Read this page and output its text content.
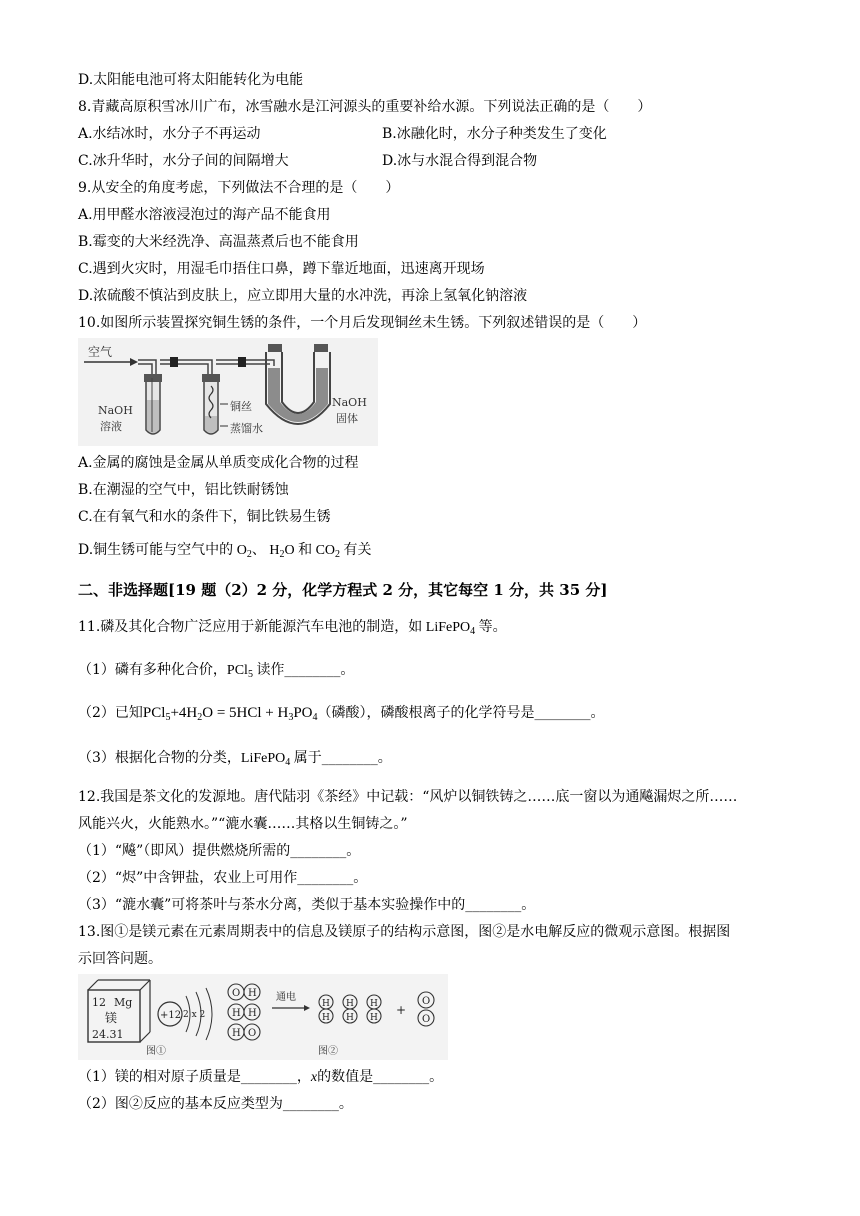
D.太阳能电池可将太阳能转化为电能
8.青藏高原积雪冰川广布，冰雪融水是江河源头的重要补给水源。下列说法正确的是（　　）
A.水结冰时，水分子不再运动	B.冰融化时，水分子种类发生了变化
C.冰升华时，水分子间的间隔增大	D.冰与水混合得到混合物
9.从安全的角度考虑，下列做法不合理的是（　　）
A.用甲醛水溶液浸泡过的海产品不能食用
B.霉变的大米经洗净、高温蒸煮后也不能食用
C.遇到火灾时，用湿毛巾捂住口鼻，蹲下靠近地面，迅速离开现场
D.浓硫酸不慎沾到皮肤上，应立即用大量的水冲洗，再涂上氢氧化钠溶液
10.如图所示装置探究铜生锈的条件，一个月后发现铜丝未生锈。下列叙述错误的是（　　）
空气
NaOH
溶液
铜丝
蒸馏水
NaOH
固体
A.金属的腐蚀是金属从单质变成化合物的过程
B.在潮湿的空气中，铝比铁耐锈蚀
C.在有氧气和水的条件下，铜比铁易生锈
D.铜生锈可能与空气中的 $O_2$、 $H_2O$ 和 $CO_2$ 有关
二、非选择题[19 题（2）2 分，化学方程式 2 分，其它每空 1 分，共 35 分]
11.磷及其化合物广泛应用于新能源汽车电池的制造，如 LiFePO$_4$ 等。
（1）磷有多种化合价，PCl$_5$ 读作________。
（2）已知$PCl_5+4H_2O = 5HCl + H_3PO_4$（磷酸），磷酸根离子的化学符号是________。
（3）根据化合物的分类，LiFePO$_4$ 属于________。
12.我国是茶文化的发源地。唐代陆羽《茶经》中记载：“风炉以铜铁铸之……底一窗以为通飚漏烬之所……
风能兴火，火能熟水。”“漉水囊……其格以生铜铸之。”
（1）“飚”（即风）提供燃烧所需的________。
（2）“烬”中含钾盐，农业上可用作________。
（3）“漉水囊”可将茶叶与茶水分离，类似于基本实验操作中的________。
13.图①是镁元素在元素周期表中的信息及镁原子的结构示意图，图②是水电解反应的微观示意图。根据图
示回答问题。
12 Mg
镁
24.31
+12 2 x 2
图①
O H
H H
H O
通电
H
H
H
H
H
H
+
O
O
图②
（1）镁的相对原子质量是________，x的数值是________。
（2）图②反应的基本反应类型为________。
